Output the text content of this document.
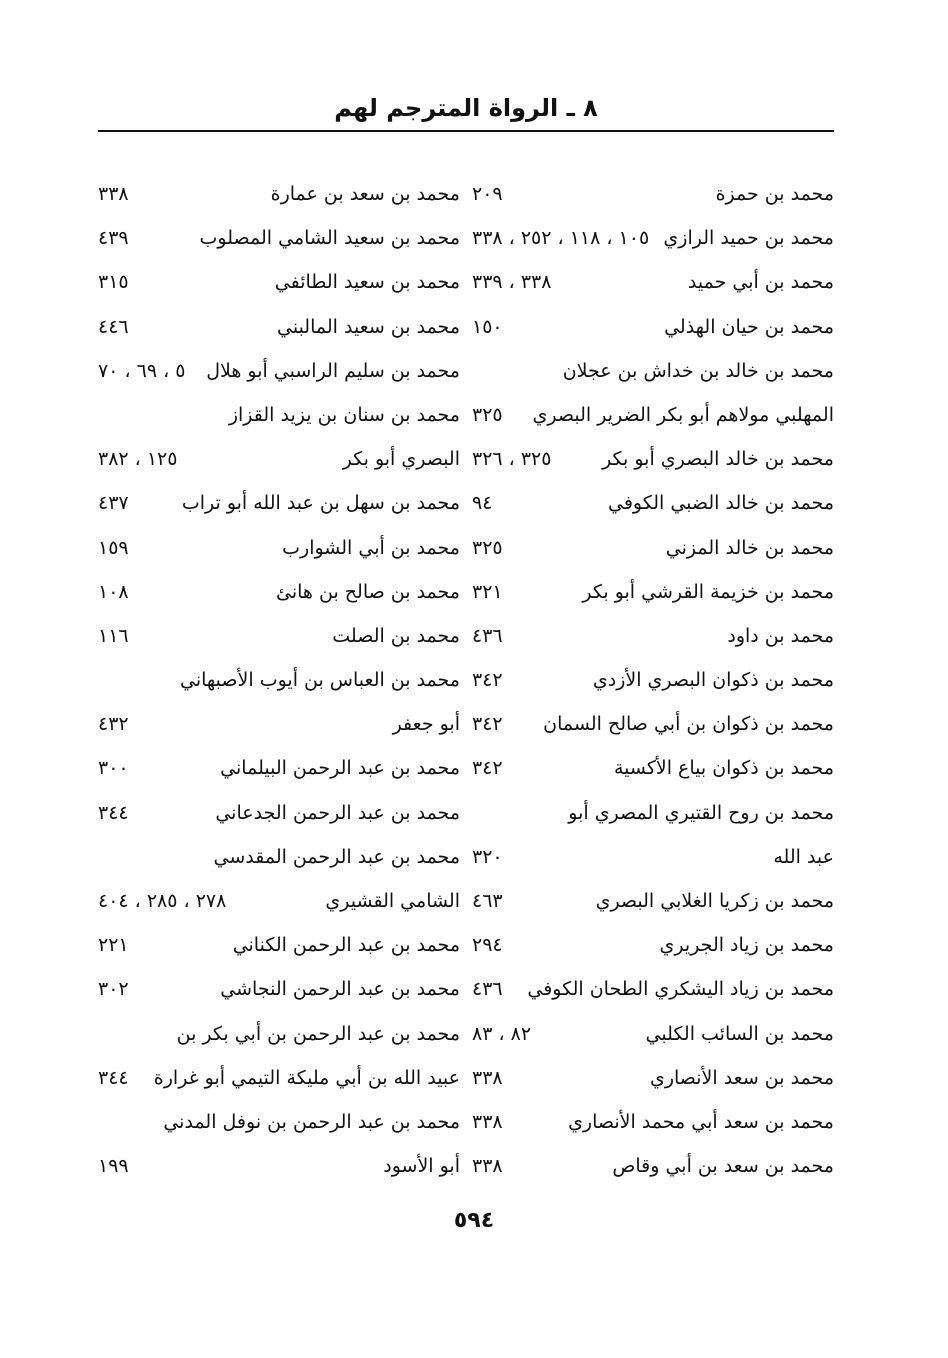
٨ ـ الرواة المترجم لهم
محمد بن حمزة
٢٠٩
محمد بن حميد الرازي
١٠٥ ، ١١٨ ، ٢٥٢ ، ٣٣٨
محمد بن أبي حميد
٣٣٨ ، ٣٣٩
محمد بن حيان الهذلي
١٥٠
محمد بن خالد بن خداش بن عجلان
المهلبي مولاهم أبو بكر الضرير البصري
٣٢٥
محمد بن خالد البصري أبو بكر
٣٢٥ ، ٣٢٦
محمد بن خالد الضبي الكوفي
٩٤
محمد بن خالد المزني
٣٢٥
محمد بن خزيمة القرشي أبو بكر
٣٢١
محمد بن داود
٤٣٦
محمد بن ذكوان البصري الأزدي
٣٤٢
محمد بن ذكوان بن أبي صالح السمان
٣٤٢
محمد بن ذكوان بياع الأكسية
٣٤٢
محمد بن روح القتيري المصري أبو
عبد الله
٣٢٠
محمد بن زكريا الغلابي البصري
٤٦٣
محمد بن زياد الجريري
٢٩٤
محمد بن زياد اليشكري الطحان الكوفي
٤٣٦
محمد بن السائب الكلبي
٨٢ ، ٨٣
محمد بن سعد الأنصاري
٣٣٨
محمد بن سعد أبي محمد الأنصاري
٣٣٨
محمد بن سعد بن أبي وقاص
٣٣٨
محمد بن سعد بن عمارة
٣٣٨
محمد بن سعيد الشامي المصلوب
٤٣٩
محمد بن سعيد الطائفي
٣١٥
محمد بن سعيد المالبني
٤٤٦
محمد بن سليم الراسبي أبو هلال
٥ ، ٦٩ ، ٧٠
محمد بن سنان بن يزيد القزاز
البصري أبو بكر
١٢٥ ، ٣٨٢
محمد بن سهل بن عبد الله أبو تراب
٤٣٧
محمد بن أبي الشوارب
١٥٩
محمد بن صالح بن هانئ
١٠٨
محمد بن الصلت
١١٦
محمد بن العباس بن أيوب الأصبهاني
أبو جعفر
٤٣٢
محمد بن عبد الرحمن البيلماني
٣٠٠
محمد بن عبد الرحمن الجدعاني
٣٤٤
محمد بن عبد الرحمن المقدسي
الشامي القشيري
٢٧٨ ، ٢٨٥ ، ٤٠٤
محمد بن عبد الرحمن الكناني
٢٢١
محمد بن عبد الرحمن النجاشي
٣٠٢
محمد بن عبد الرحمن بن أبي بكر بن
عبيد الله بن أبي مليكة التيمي أبو غرارة
٣٤٤
محمد بن عبد الرحمن بن نوفل المدني
أبو الأسود
١٩٩
٥٩٤
